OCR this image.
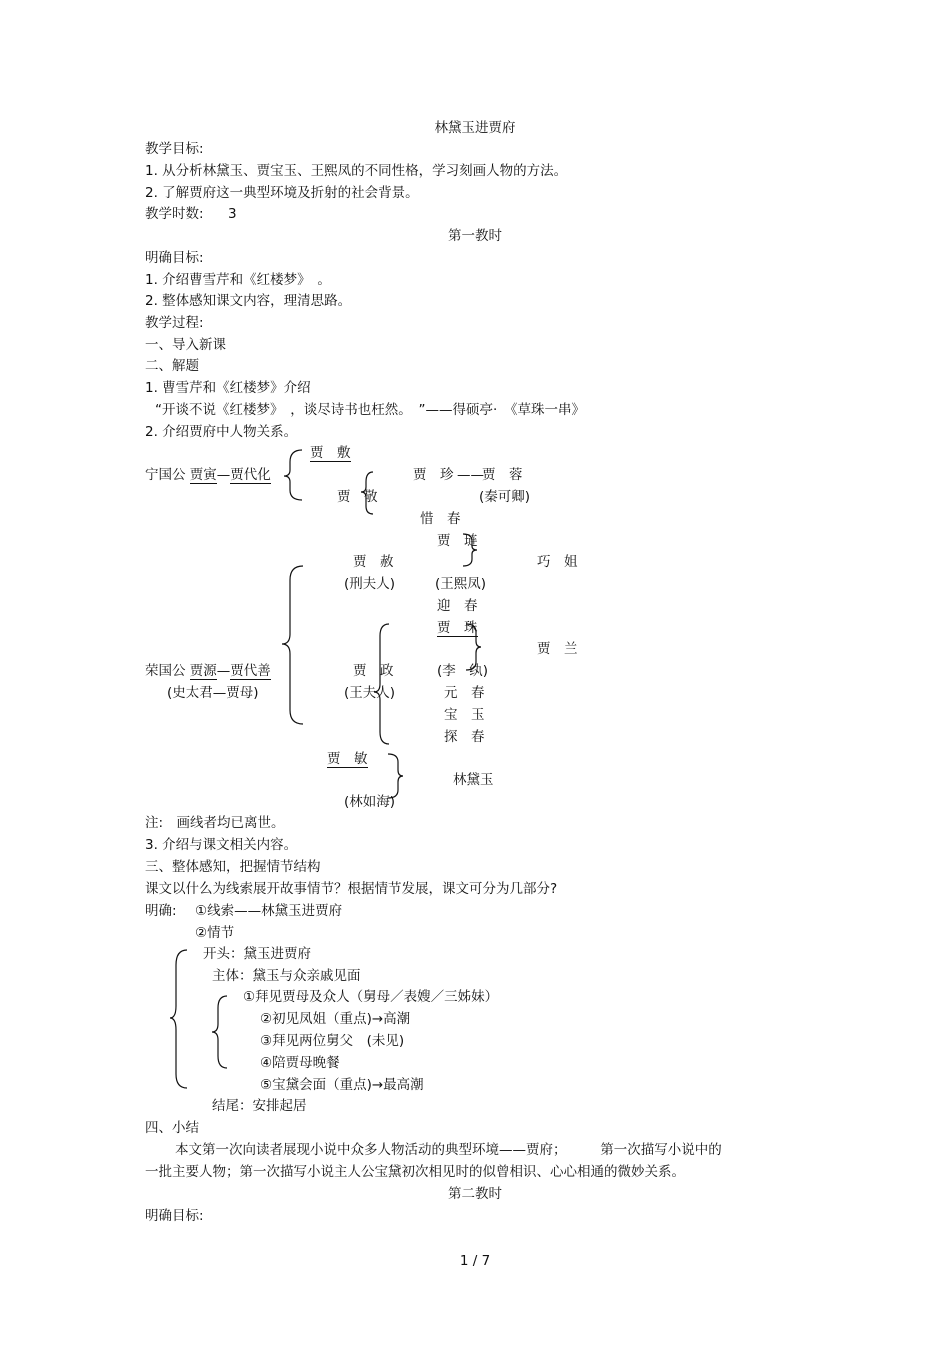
林黛玉进贾府
教学目标:
1. 从分析林黛玉、贾宝玉、王熙凤的不同性格，学习刻画人物的方法。
2. 了解贾府这一典型环境及折射的社会背景。
教学时数: 3
第一教时
明确目标:
1. 介绍曹雪芹和《红楼梦》　。
2. 整体感知课文内容，理清思路。
教学过程:
一、导入新课
二、解题
1. 曹雪芹和《红楼梦》介绍
“开谈不说《红楼梦》　，谈尽诗书也枉然。　”——得硕亭·　《草珠一串》
2. 介绍贾府中人物关系。
贾　敷
宁国公 贾寅—贾代化	贾　珍 ——
贾　蓉
贾　敬	(秦可卿)
惜　春
贾　琏
贾　赦	巧　姐
(刑夫人)	(王熙凤)
迎　春
贾　珠
贾　兰
荣国公 贾源—贾代善	贾　政	(李　纨)
(史太君—贾母)	(王夫人)	元　春
宝　玉
探　春
贾　敏
林黛玉
(林如海)
注:　画线者均已离世。
3. 介绍与课文相关内容。
三、整体感知，把握情节结构
课文以什么为线索展开故事情节？根据情节发展，课文可分为几部分?
明确: ①线索——林黛玉进贾府
②情节
开头：黛玉进贾府
主体：黛玉与众亲戚见面
①拜见贾母及众人（舅母／表嫂／三姊妹）
②初见凤姐（重点)→高潮
③拜见两位舅父　(未见)
④陪贾母晚餐
⑤宝黛会面（重点)→最高潮
结尾：安排起居
四、小结
本文第一次向读者展现小说中众多人物活动的典型环境——贾府；　　　第一次描写小说中的
一批主要人物；第一次描写小说主人公宝黛初次相见时的似曾相识、心心相通的微妙关系。
第二教时
明确目标:
1 / 7
